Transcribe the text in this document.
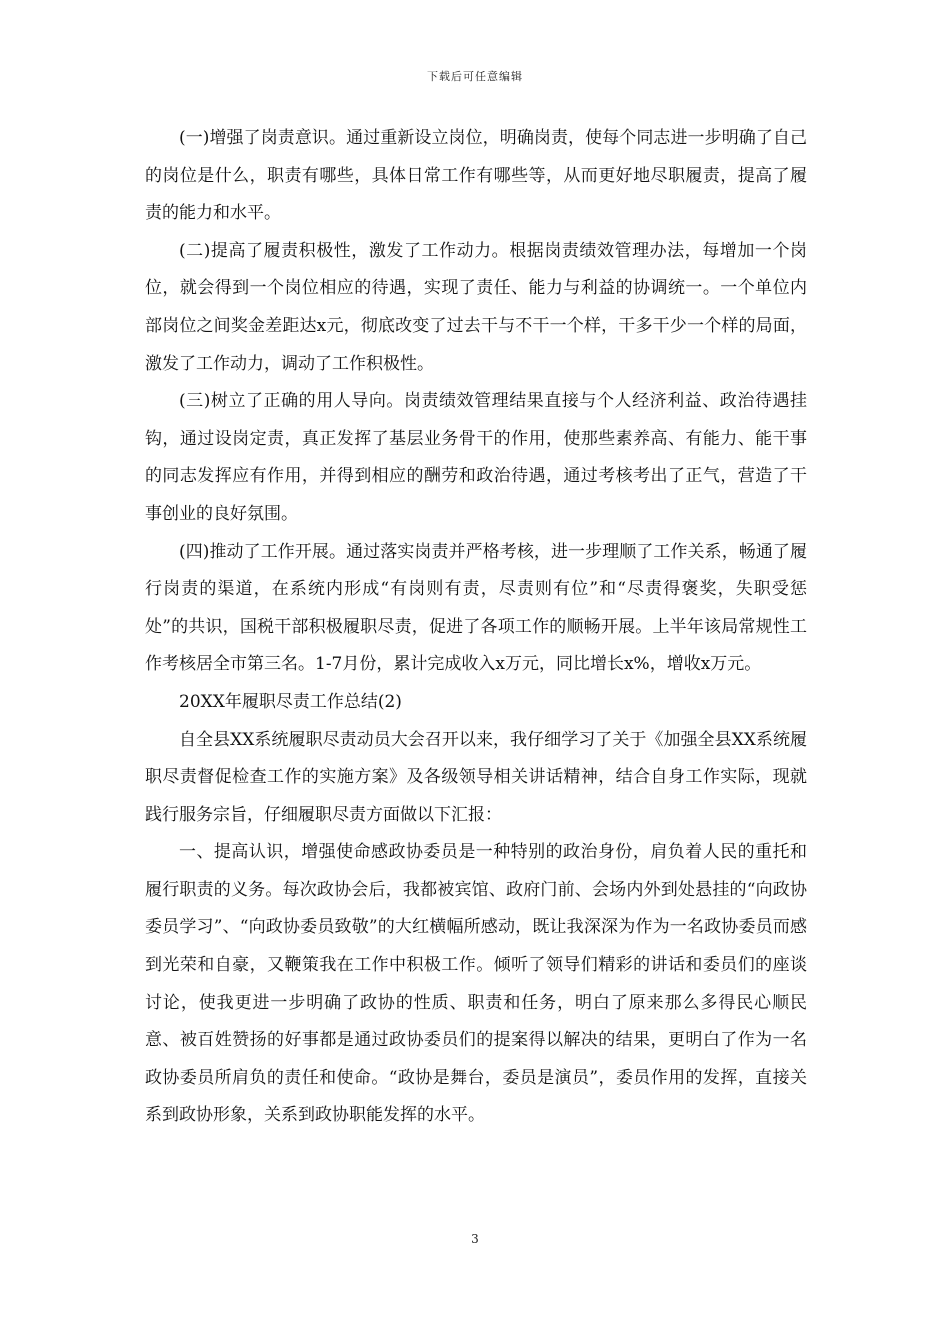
下载后可任意编辑

(一)增强了岗责意识。通过重新设立岗位，明确岗责，使每个同志进一步明确了自己的岗位是什么，职责有哪些，具体日常工作有哪些等，从而更好地尽职履责，提高了履责的能力和水平。

(二)提高了履责积极性，激发了工作动力。根据岗责绩效管理办法，每增加一个岗位，就会得到一个岗位相应的待遇，实现了责任、能力与利益的协调统一。一个单位内部岗位之间奖金差距达x元，彻底改变了过去干与不干一个样，干多干少一个样的局面，激发了工作动力，调动了工作积极性。

(三)树立了正确的用人导向。岗责绩效管理结果直接与个人经济利益、政治待遇挂钩，通过设岗定责，真正发挥了基层业务骨干的作用，使那些素养高、有能力、能干事的同志发挥应有作用，并得到相应的酬劳和政治待遇，通过考核考出了正气，营造了干事创业的良好氛围。

(四)推动了工作开展。通过落实岗责并严格考核，进一步理顺了工作关系，畅通了履行岗责的渠道，在系统内形成“有岗则有责，尽责则有位”和“尽责得褒奖，失职受惩处”的共识，国税干部积极履职尽责，促进了各项工作的顺畅开展。上半年该局常规性工作考核居全市第三名。1-7月份，累计完成收入x万元，同比增长x%，增收x万元。

20XX年履职尽责工作总结(2)

自全县XX系统履职尽责动员大会召开以来，我仔细学习了关于《加强全县XX系统履职尽责督促检查工作的实施方案》及各级领导相关讲话精神，结合自身工作实际，现就践行服务宗旨，仔细履职尽责方面做以下汇报：

一、提高认识，增强使命感政协委员是一种特别的政治身份，肩负着人民的重托和履行职责的义务。每次政协会后，我都被宾馆、政府门前、会场内外到处悬挂的“向政协委员学习”、“向政协委员致敬”的大红横幅所感动，既让我深深为作为一名政协委员而感到光荣和自豪，又鞭策我在工作中积极工作。倾听了领导们精彩的讲话和委员们的座谈讨论，使我更进一步明确了政协的性质、职责和任务，明白了原来那么多得民心顺民意、被百姓赞扬的好事都是通过政协委员们的提案得以解决的结果，更明白了作为一名政协委员所肩负的责任和使命。“政协是舞台，委员是演员”，委员作用的发挥，直接关系到政协形象，关系到政协职能发挥的水平。

3
